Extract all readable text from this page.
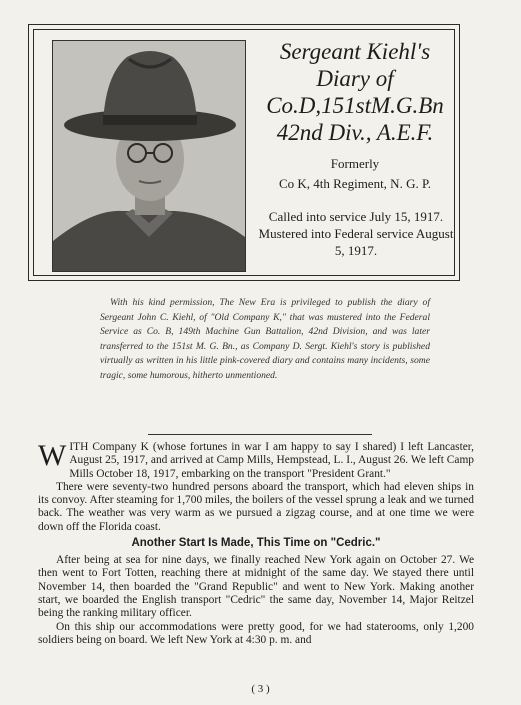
Sergeant Kiehl's
Diary of
Co.D,151stM.G.Bn
42nd Div., A.E.F.
Formerly
Co K, 4th Regiment, N. G. P.
Called into service July 15, 1917. Mustered into Federal service August 5, 1917.

With his kind permission, The New Era is privileged to publish the diary of Sergeant John C. Kiehl, of "Old Company K," that was mustered into the Federal Service as Co. B, 149th Machine Gun Battalion, 42nd Division, and was later transferred to the 151st M. G. Bn., as Company D. Sergt. Kiehl's story is published virtually as written in his little pink-covered diary and contains many incidents, some tragic, some humorous, hitherto unmentioned.

WITH Company K (whose fortunes in war I am happy to say I shared) I left Lancaster, August 25, 1917, and arrived at Camp Mills, Hempstead, L. I., August 26. We left Camp Mills October 18, 1917, embarking on the transport "President Grant."

There were seventy-two hundred persons aboard the transport, which had eleven ships in its convoy. After steaming for 1,700 miles, the boilers of the vessel sprung a leak and we turned back. The weather was very warm as we pursued a zigzag course, and at one time we were down off the Florida coast.

Another Start Is Made, This Time on "Cedric."

After being at sea for nine days, we finally reached New York again on October 27. We then went to Fort Totten, reaching there at midnight of the same day. We stayed there until November 14, then boarded the "Grand Republic" and went to New York. Making another start, we boarded the English transport "Cedric" the same day, November 14, Major Reitzel being the ranking military officer.

On this ship our accommodations were pretty good, for we had staterooms, only 1,200 soldiers being on board. We left New York at 4:30 p. m. and

( 3 )
